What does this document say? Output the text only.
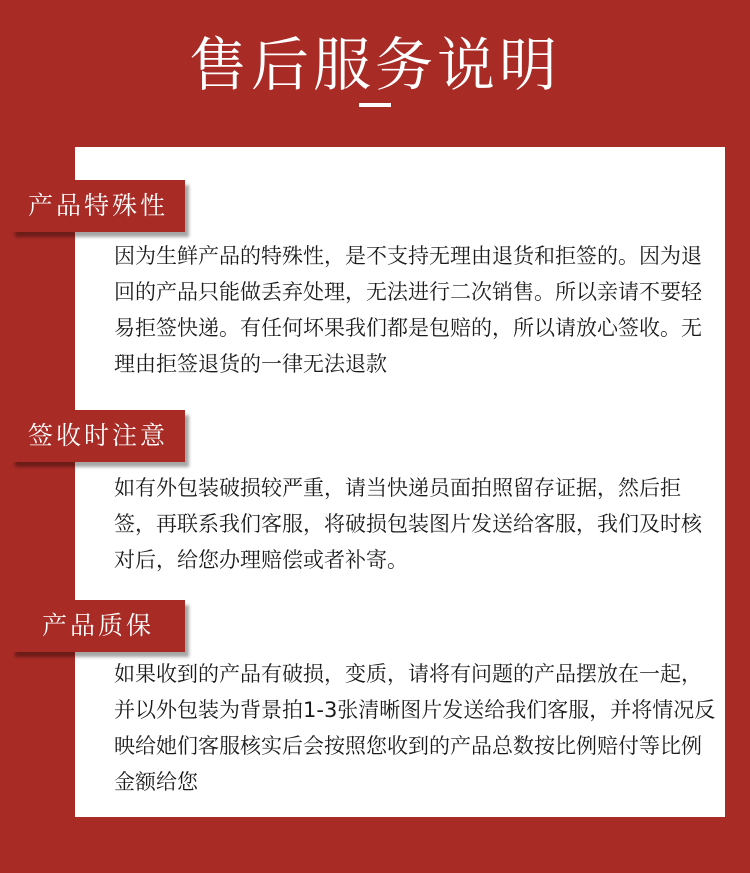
售后服务说明
产品特殊性

因为生鲜产品的特殊性，是不支持无理由退货和拒签的。因为退回的产品只能做丢弃处理，无法进行二次销售。所以亲请不要轻易拒签快递。有任何坏果我们都是包赔的，所以请放心签收。无理由拒签退货的一律无法退款

签收时注意

如有外包装破损较严重，请当快递员面拍照留存证据，然后拒签，再联系我们客服，将破损包装图片发送给客服，我们及时核对后，给您办理赔偿或者补寄。

产品质保

如果收到的产品有破损，变质，请将有问题的产品摆放在一起，并以外包装为背景拍1-3张清晰图片发送给我们客服，并将情况反映给她们客服核实后会按照您收到的产品总数按比例赔付等比例金额给您
